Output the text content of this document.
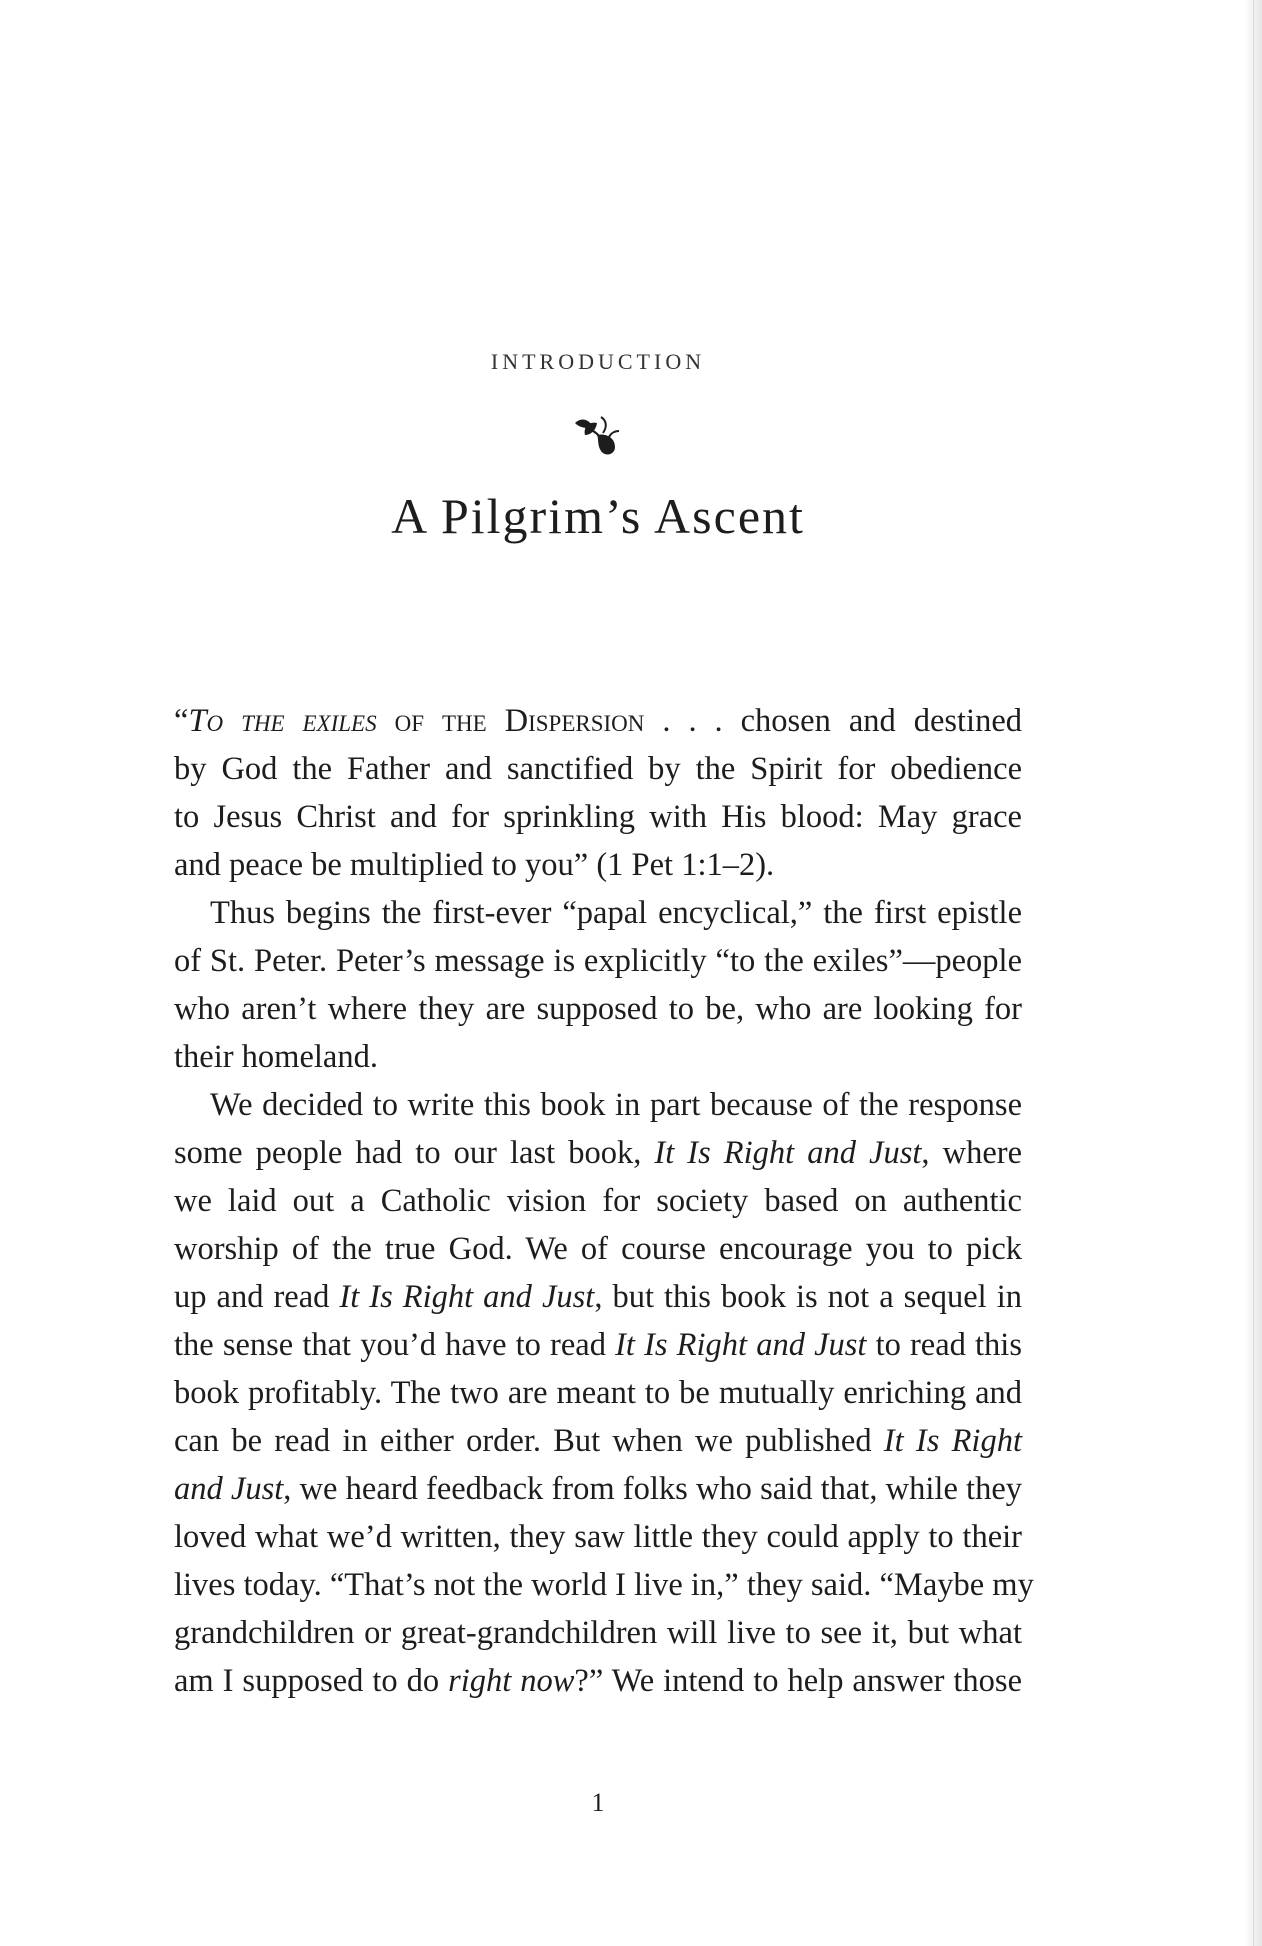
INTRODUCTION
A Pilgrim’s Ascent
“To the exiles of the Dispersion . . . chosen and destined
by God the Father and sanctified by the Spirit for obedience
to Jesus Christ and for sprinkling with His blood: May grace
and peace be multiplied to you” (1 Pet 1:1–2).
Thus begins the first-ever “papal encyclical,” the first epistle
of St. Peter. Peter’s message is explicitly “to the exiles”—people
who aren’t where they are supposed to be, who are looking for
their homeland.
We decided to write this book in part because of the response
some people had to our last book, It Is Right and Just, where
we laid out a Catholic vision for society based on authentic
worship of the true God. We of course encourage you to pick
up and read It Is Right and Just, but this book is not a sequel in
the sense that you’d have to read It Is Right and Just to read this
book profitably. The two are meant to be mutually enriching and
can be read in either order. But when we published It Is Right
and Just, we heard feedback from folks who said that, while they
loved what we’d written, they saw little they could apply to their
lives today. “That’s not the world I live in,” they said. “Maybe my
grandchildren or great-grandchildren will live to see it, but what
am I supposed to do right now?” We intend to help answer those
1
